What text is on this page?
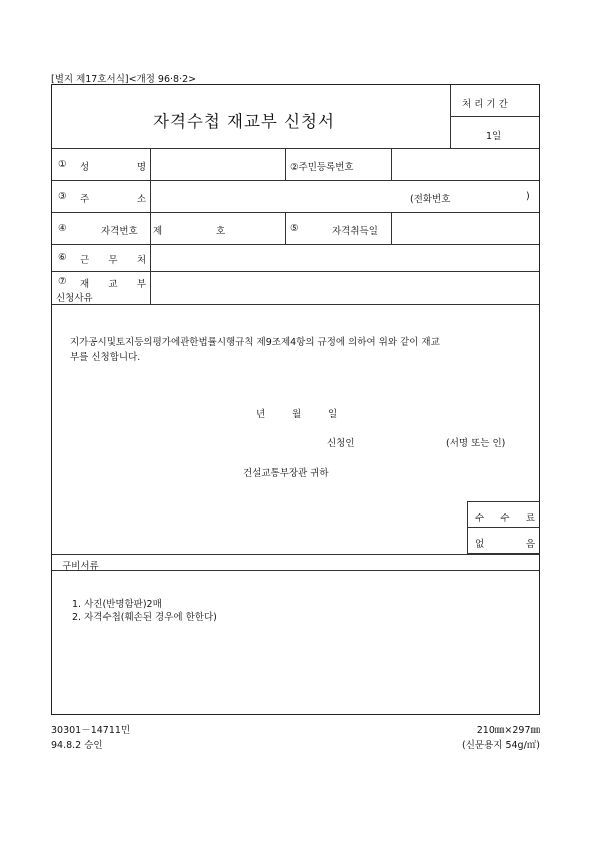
[별지 제17호서식]<개정 96·8·2>
자격수첩 재교부 신청서
처 리 기 간
1일
① 성 명	②주민등록번호
③ 주 소	(전화번호	)
④	자격번호 제	호	⑤	자격취득일
⑥ 근 무 처
⑦ 재 교 부
신청사유
지가공시및토지등의평가에관한법률시행규칙 제9조제4항의 규정에 의하여 위와 같이 재교
부를 신청합니다.
년	월	일
신청인	(서명 또는 인)
건설교통부장관 귀하
수 수 료
없 음
구비서류
1. 사진(반명함판)2매
2. 자격수첩(훼손된 경우에 한한다)
30301－14711민
94.8.2 승인
210㎜×297㎜
(신문용지 54g/㎡)
